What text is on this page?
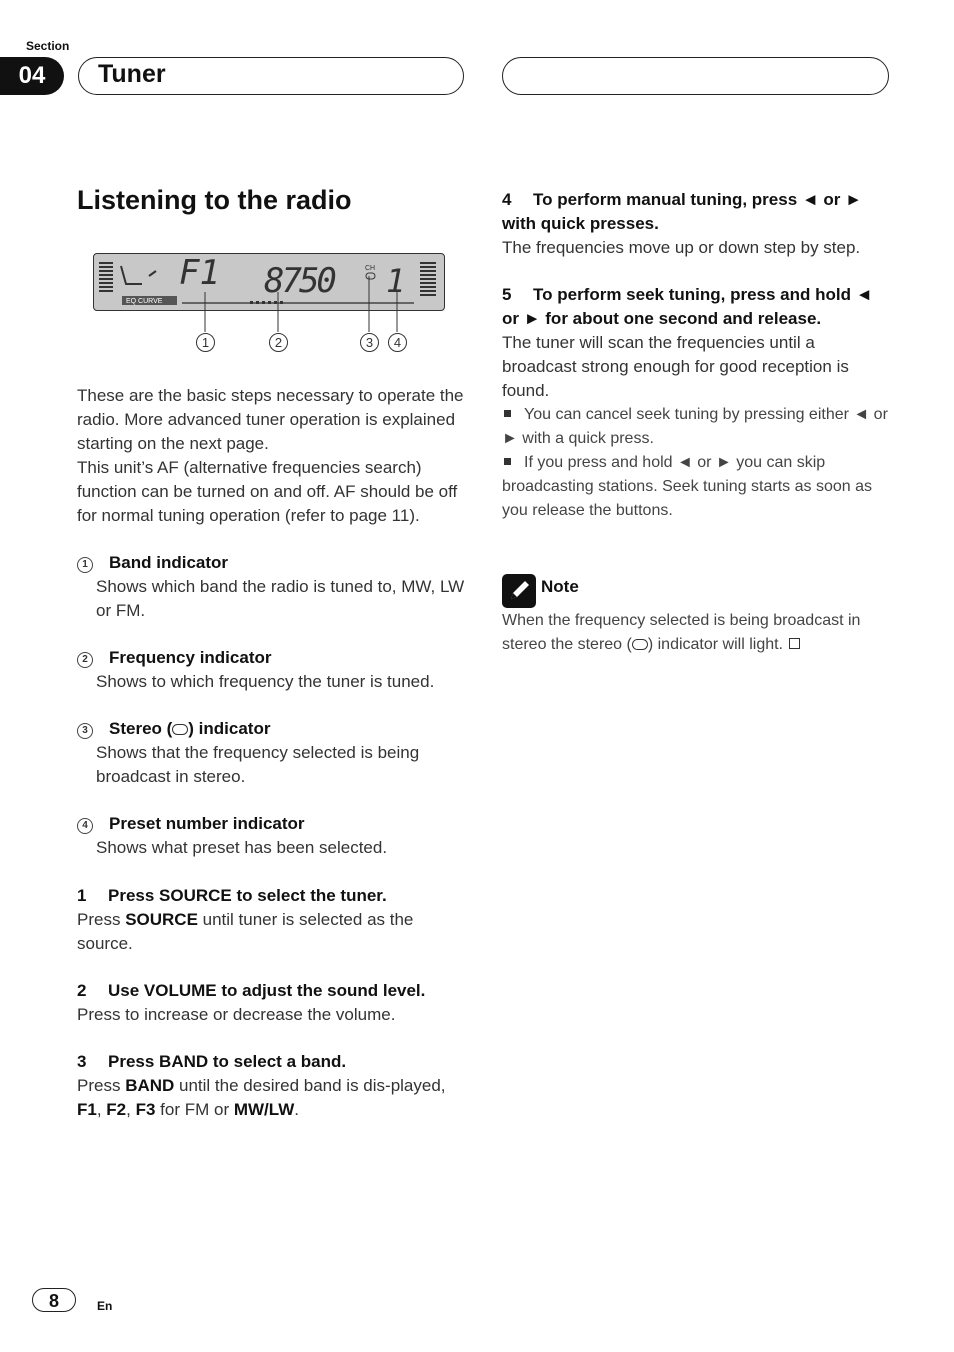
Section
04	Tuner
Listening to the radio
F1 8750	CH 1
EQ CURVE
1	2	3	4

These are the basic steps necessary to operate the radio. More advanced tuner operation is explained starting on the next page.

This unit’s AF (alternative frequencies search) function can be turned on and off. AF should be off for normal tuning operation (refer to page 11).

1 Band indicator

Shows which band the radio is tuned to, MW, LW or FM.

2 Frequency indicator

Shows to which frequency the tuner is tuned.

3 Stereo ( ) indicator

Shows that the frequency selected is being broadcast in stereo.

4 Preset number indicator

Shows what preset has been selected.

1 Press SOURCE to select the tuner.

Press SOURCE until tuner is selected as the source.

2 Use VOLUME to adjust the sound level.

Press to increase or decrease the volume.

3 Press BAND to select a band.

Press BAND until the desired band is dis-played, F1, F2, F3 for FM or MW/LW.

4 To perform manual tuning, press ◄ or ► with quick presses.

The frequencies move up or down step by step.

5 To perform seek tuning, press and hold ◄ or ► for about one second and release.

The tuner will scan the frequencies until a broadcast strong enough for good reception is found.

You can cancel seek tuning by pressing either ◄ or ► with a quick press.

If you press and hold ◄ or ► you can skip broadcasting stations. Seek tuning starts as soon as you release the buttons.

Note

When the frequency selected is being broadcast in stereo the stereo ( ) indicator will light.

8	En
